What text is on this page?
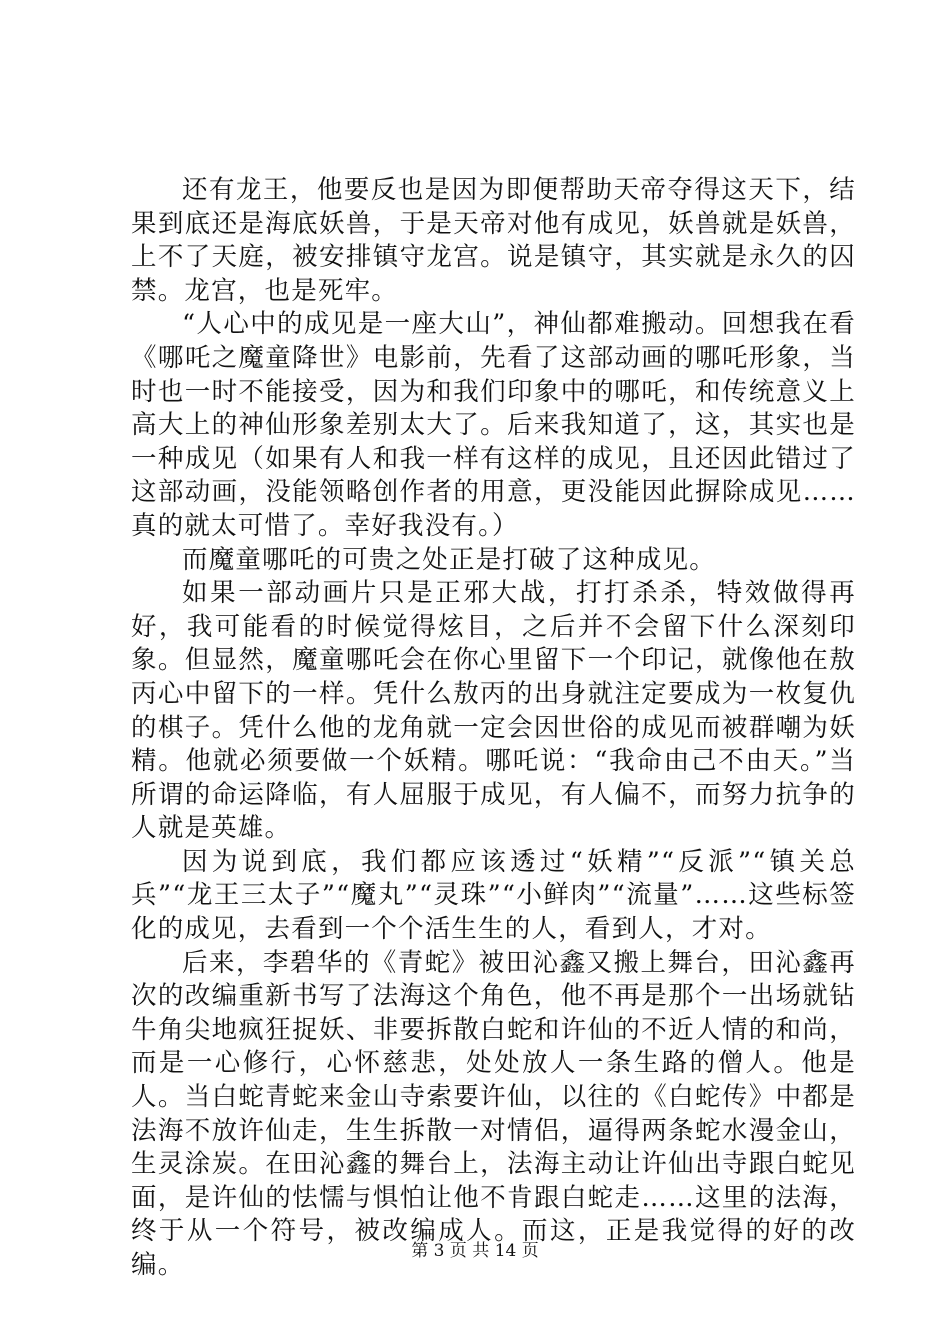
还有龙王，他要反也是因为即便帮助天帝夺得这天下，结果到底还是海底妖兽，于是天帝对他有成见，妖兽就是妖兽，上不了天庭，被安排镇守龙宫。说是镇守，其实就是永久的囚禁。龙宫，也是死牢。

“人心中的成见是一座大山”，神仙都难搬动。回想我在看《哪吒之魔童降世》电影前，先看了这部动画的哪吒形象，当时也一时不能接受，因为和我们印象中的哪吒，和传统意义上高大上的神仙形象差别太大了。后来我知道了，这，其实也是一种成见（如果有人和我一样有这样的成见，且还因此错过了这部动画，没能领略创作者的用意，更没能因此摒除成见……真的就太可惜了。幸好我没有。）

而魔童哪吒的可贵之处正是打破了这种成见。

如果一部动画片只是正邪大战，打打杀杀，特效做得再好，我可能看的时候觉得炫目，之后并不会留下什么深刻印象。但显然，魔童哪吒会在你心里留下一个印记，就像他在敖丙心中留下的一样。凭什么敖丙的出身就注定要成为一枚复仇的棋子。凭什么他的龙角就一定会因世俗的成见而被群嘲为妖精。他就必须要做一个妖精。哪吒说：“我命由己不由天。”当所谓的命运降临，有人屈服于成见，有人偏不，而努力抗争的人就是英雄。

因为说到底，我们都应该透过“妖精”“反派”“镇关总兵”“龙王三太子”“魔丸”“灵珠”“小鲜肉”“流量”……这些标签化的成见，去看到一个个活生生的人，看到人，才对。

后来，李碧华的《青蛇》被田沁鑫又搬上舞台，田沁鑫再次的改编重新书写了法海这个角色，他不再是那个一出场就钻牛角尖地疯狂捉妖、非要拆散白蛇和许仙的不近人情的和尚，而是一心修行，心怀慈悲，处处放人一条生路的僧人。他是人。当白蛇青蛇来金山寺索要许仙，以往的《白蛇传》中都是法海不放许仙走，生生拆散一对情侣，逼得两条蛇水漫金山，生灵涂炭。在田沁鑫的舞台上，法海主动让许仙出寺跟白蛇见面，是许仙的怯懦与惧怕让他不肯跟白蛇走……这里的法海，终于从一个符号，被改编成人。而这，正是我觉得的好的改编。	第 3 页 共 14 页
